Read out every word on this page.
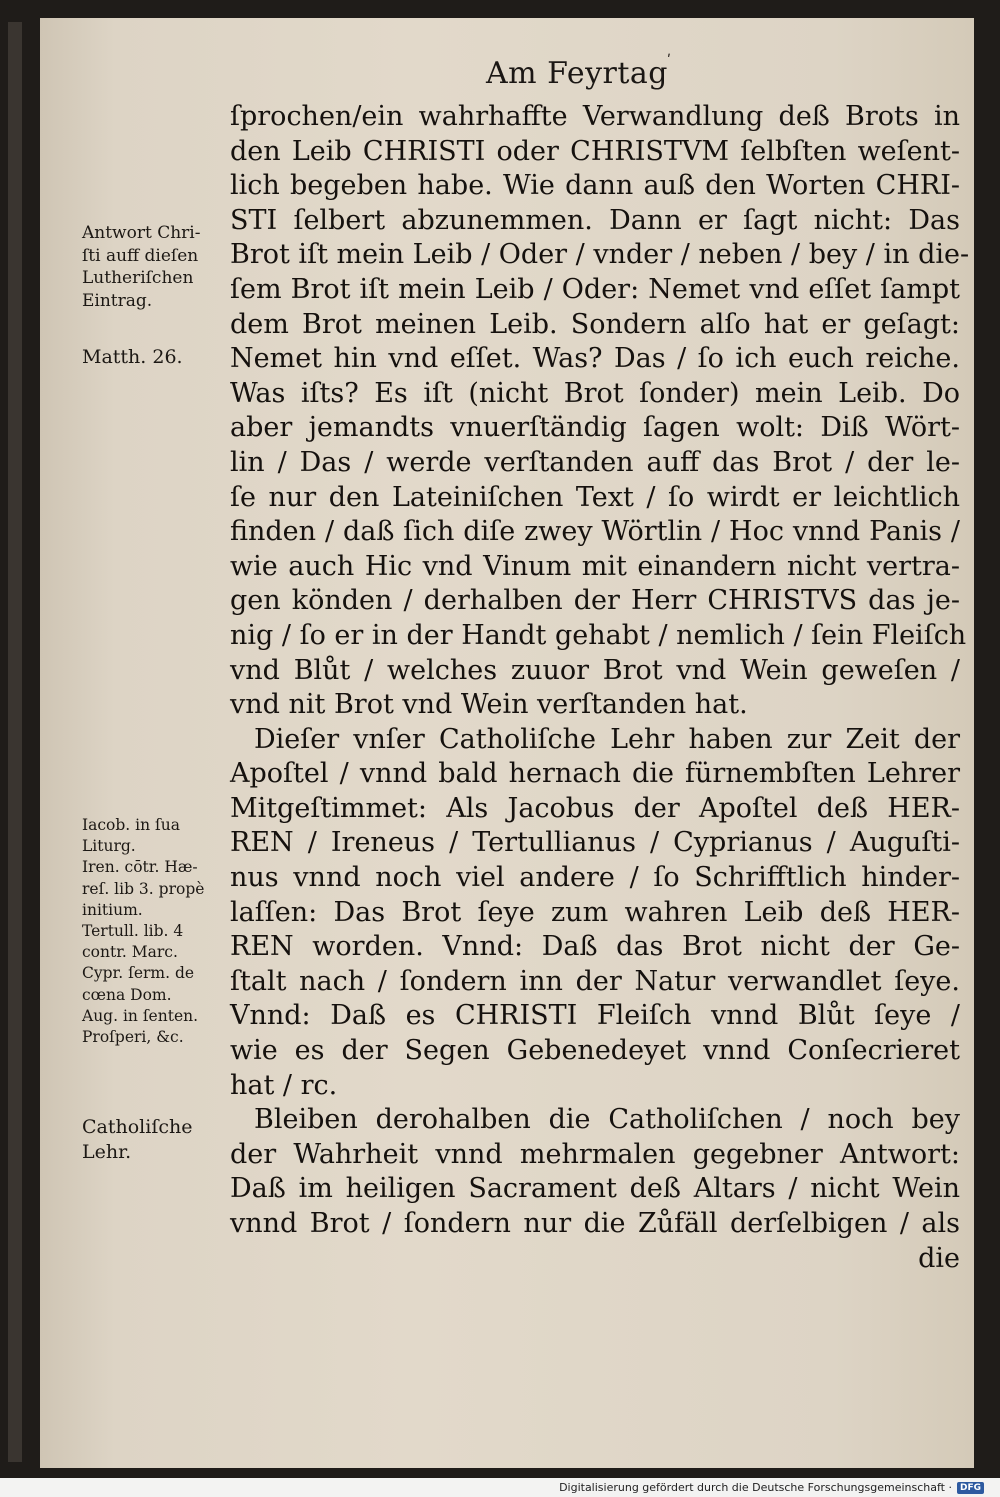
Am Feyrtag
ʹ
ſprochen/ein wahrhaffte Verwandlung deß Brots in
den Leib CHRISTI oder CHRISTVM ſelbſten weſent-
lich begeben habe. Wie dann auß den Worten CHRI-
STI ſelbert abzunemmen. Dann er ſagt nicht: Das
Brot iſt mein Leib / Oder / vnder / neben / bey / in die-
ſem Brot iſt mein Leib / Oder: Nemet vnd eſſet ſampt
dem Brot meinen Leib. Sondern alſo hat er geſagt:
Nemet hin vnd eſſet. Was? Das / ſo ich euch reiche.
Was iſts? Es iſt (nicht Brot ſonder) mein Leib. Do
aber jemandts vnuerſtändig ſagen wolt: Diß Wört-
lin / Das / werde verſtanden auff das Brot / der le-
ſe nur den Lateiniſchen Text / ſo wirdt er leichtlich
finden / daß ſich diſe zwey Wörtlin / Hoc vnnd Panis /
wie auch Hic vnd Vinum mit einandern nicht vertra-
gen könden / derhalben der Herr CHRISTVS das je-
nig / ſo er in der Handt gehabt / nemlich / ſein Fleiſch
vnd Blůt / welches zuuor Brot vnd Wein geweſen /
vnd nit Brot vnd Wein verſtanden hat.
Dieſer vnſer Catholiſche Lehr haben zur Zeit der
Apoſtel / vnnd bald hernach die fürnembſten Lehrer
Mitgeſtimmet: Als Jacobus der Apoſtel deß HER-
REN / Ireneus / Tertullianus / Cyprianus / Auguſti-
nus vnnd noch viel andere / ſo Schrifftlich hinder-
laſſen: Das Brot ſeye zum wahren Leib deß HER-
REN worden. Vnnd: Daß das Brot nicht der Ge-
ſtalt nach / ſondern inn der Natur verwandlet ſeye.
Vnnd: Daß es CHRISTI Fleiſch vnnd Blůt ſeye /
wie es der Segen Gebenedeyet vnnd Conſecrieret
hat / rc.
Bleiben derohalben die Catholiſchen / noch bey
der Wahrheit vnnd mehrmalen gegebner Antwort:
Daß im heiligen Sacrament deß Altars / nicht Wein
vnnd Brot / ſondern nur die Zůfäll derſelbigen / als
die
Antwort Chri-
ſti auff dieſen
Lutheriſchen
Eintrag.
Matth. 26.
Iacob. in ſua
Liturg.
Iren. cōtr. Hæ-
reſ. lib 3. propè
initium.
Tertull. lib. 4
contr. Marc.
Cypr. ſerm. de
cœna Dom.
Aug. in ſenten.
Proſperi, &c.
Catholiſche
Lehr.
Digitalisierung gefördert durch die Deutsche Forschungsgemeinschaft · DFG
